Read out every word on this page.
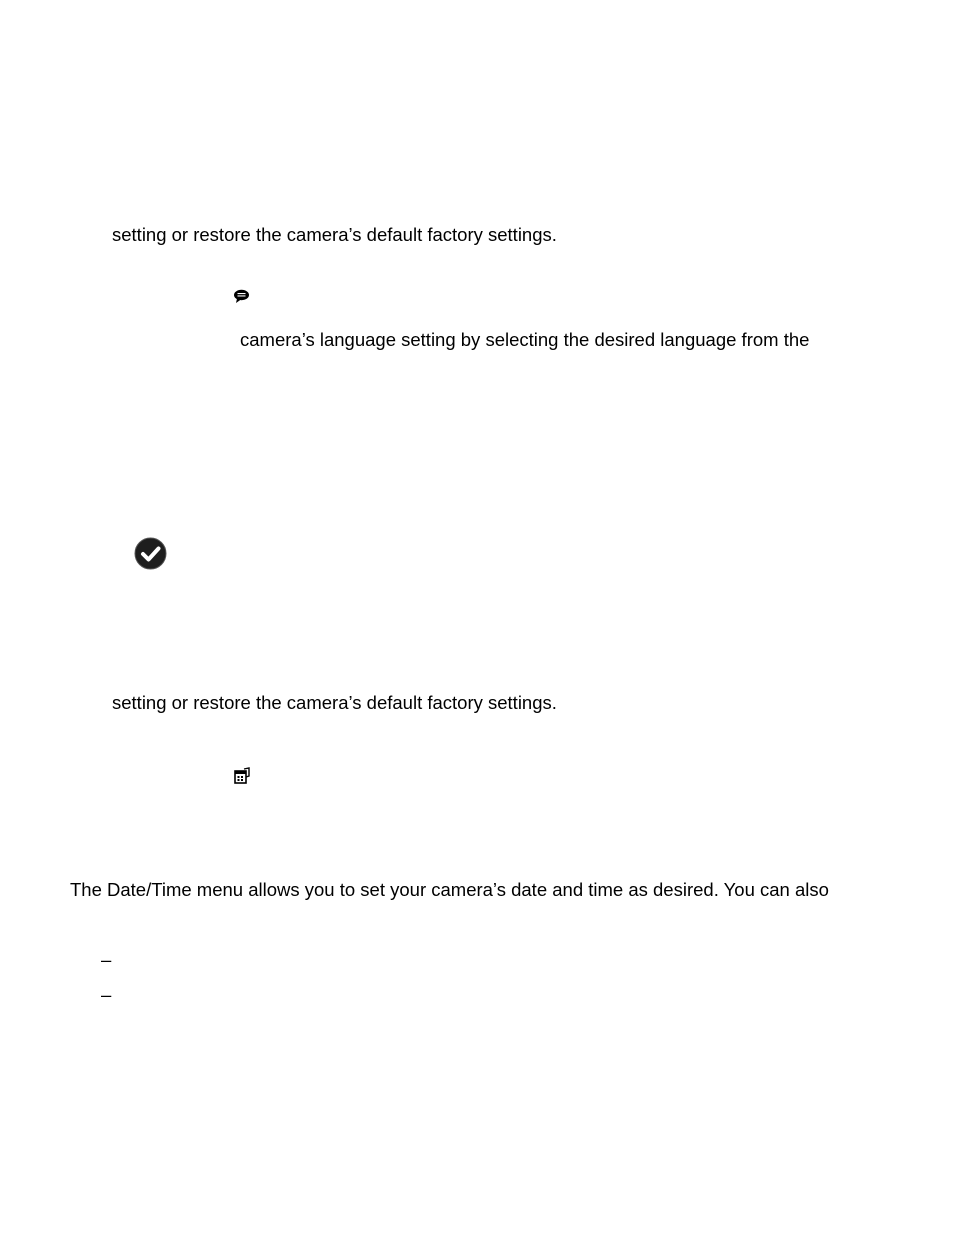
setting or restore the camera’s default factory settings.
camera’s language setting by selecting the desired language from the
setting or restore the camera’s default factory settings.
The Date/Time menu allows you to set your camera’s date and time as desired. You can also
–
–
